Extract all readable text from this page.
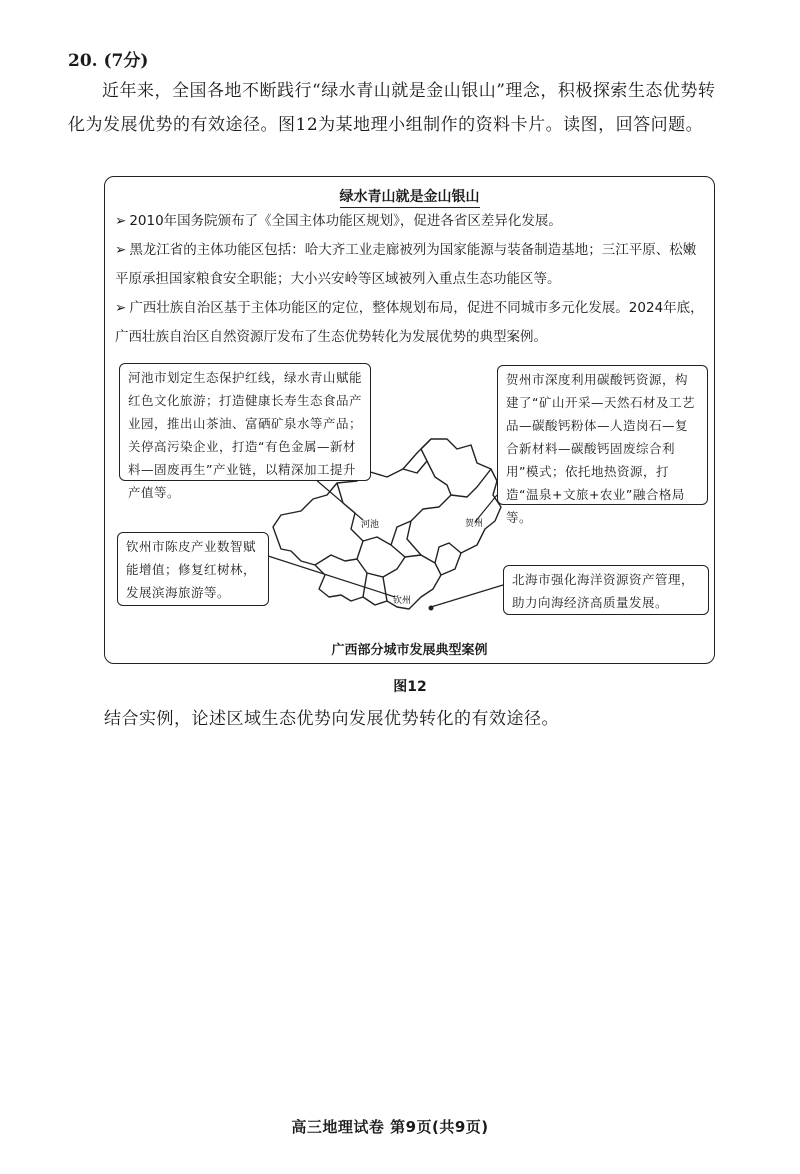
20. (7分)

近年来，全国各地不断践行“绿水青山就是金山银山”理念，积极探索生态优势转化为发展优势的有效途径。图12为某地理小组制作的资料卡片。读图，回答问题。

绿水青山就是金山银山
➢ 2010年国务院颁布了《全国主体功能区规划》，促进各省区差异化发展。
➢ 黑龙江省的主体功能区包括：哈大齐工业走廊被列为国家能源与装备制造基地；三江平原、松嫩平原承担国家粮食安全职能；大小兴安岭等区域被列入重点生态功能区等。
➢ 广西壮族自治区基于主体功能区的定位，整体规划布局，促进不同城市多元化发展。2024年底，广西壮族自治区自然资源厅发布了生态优势转化为发展优势的典型案例。
河池	贺州
钦州
河池市划定生态保护红线，绿水青山赋能红色文化旅游；打造健康长寿生态食品产业园，推出山茶油、富硒矿泉水等产品；关停高污染企业，打造“有色金属—新材料—固废再生”产业链，以精深加工提升产值等。
贺州市深度利用碳酸钙资源，构建了“矿山开采—天然石材及工艺品—碳酸钙粉体—人造岗石—复合新材料—碳酸钙固废综合利用”模式；依托地热资源，打造“温泉+文旅+农业”融合格局等。
钦州市陈皮产业数智赋能增值；修复红树林，发展滨海旅游等。
北海市强化海洋资源资产管理，助力向海经济高质量发展。
广西部分城市发展典型案例
图12
结合实例，论述区域生态优势向发展优势转化的有效途径。
高三地理试卷 第9页(共9页)
